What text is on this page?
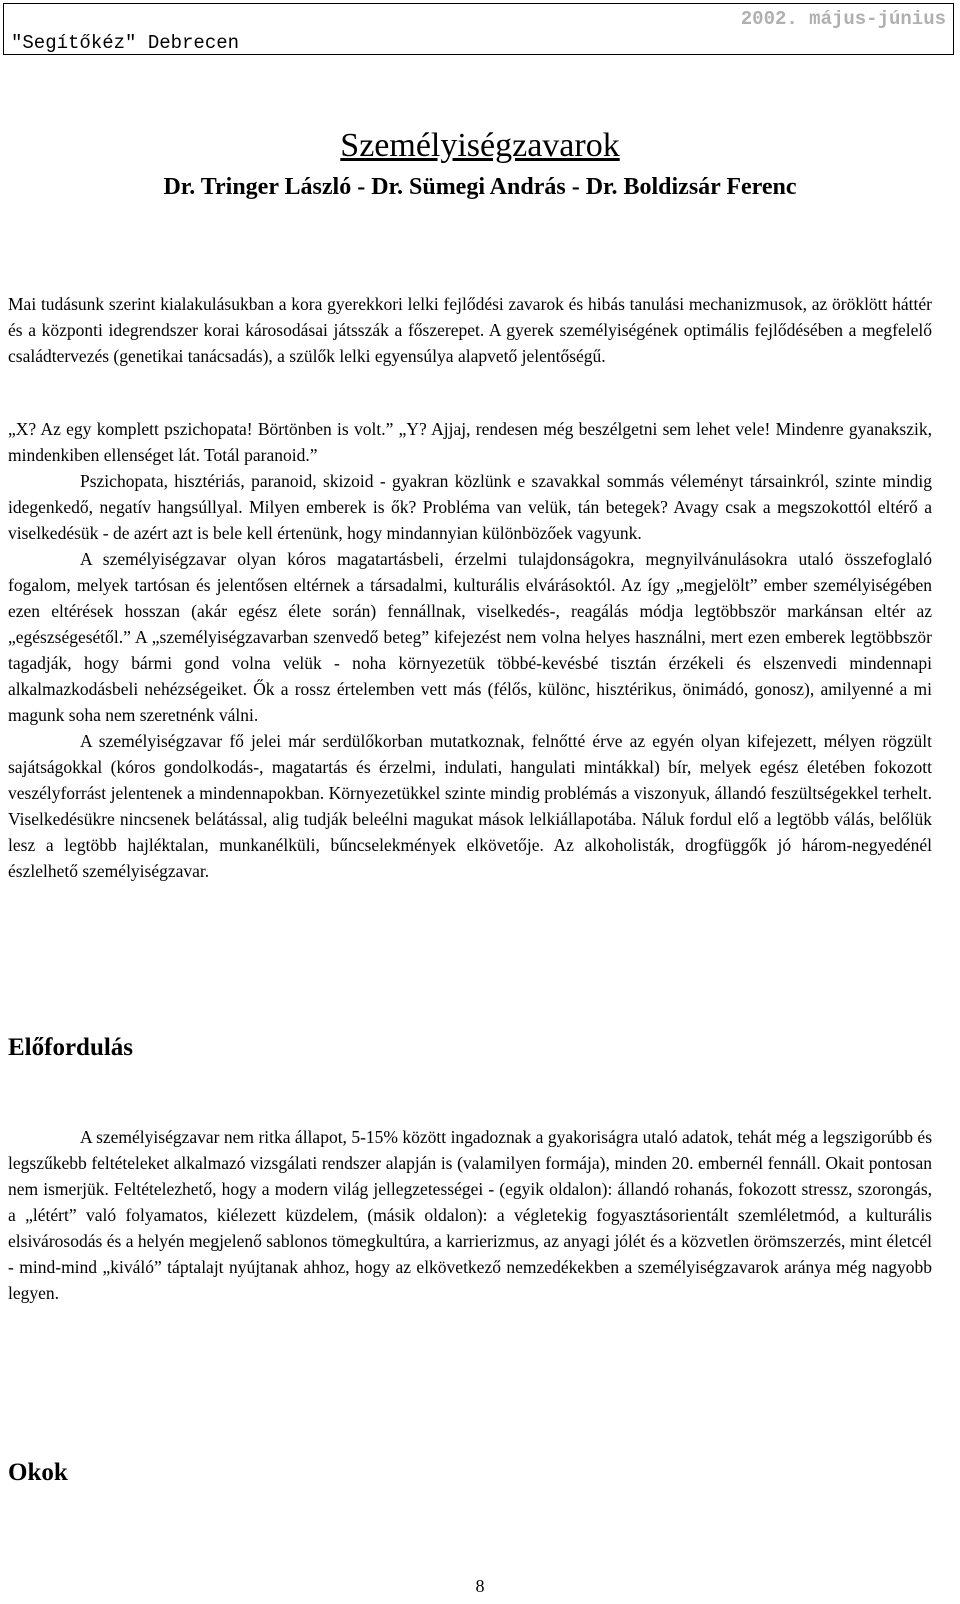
"Segítőkéz" Debrecen
2002. május-június
Személyiségzavarok
Dr. Tringer László - Dr. Sümegi András - Dr. Boldizsár Ferenc

Mai tudásunk szerint kialakulásukban a kora gyerekkori lelki fejlődési zavarok és hibás tanulási mechanizmusok, az öröklött háttér és a központi idegrendszer korai károsodásai játsszák a főszerepet. A gyerek személyiségének optimális fejlődésében a megfelelő családtervezés (genetikai tanácsadás), a szülők lelki egyensúlya alapvető jelentőségű.

„X? Az egy komplett pszichopata! Börtönben is volt.” „Y? Ajjaj, rendesen még beszélgetni sem lehet vele! Mindenre gyanakszik, mindenkiben ellenséget lát. Totál paranoid.”

Pszichopata, hisztériás, paranoid, skizoid - gyakran közlünk e szavakkal sommás véleményt társainkról, szinte mindig idegenkedő, negatív hangsúllyal. Milyen emberek is ők? Probléma van velük, tán betegek? Avagy csak a megszokottól eltérő a viselkedésük - de azért azt is bele kell értenünk, hogy mindannyian különbözőek vagyunk.

A személyiségzavar olyan kóros magatartásbeli, érzelmi tulajdonságokra, megnyilvánulásokra utaló összefoglaló fogalom, melyek tartósan és jelentősen eltérnek a társadalmi, kulturális elvárásoktól. Az így „megjelölt” ember személyiségében ezen eltérések hosszan (akár egész élete során) fennállnak, viselkedés-, reagálás módja legtöbbször markánsan eltér az „egészségesétől.” A „személyiségzavarban szenvedő beteg” kifejezést nem volna helyes használni, mert ezen emberek legtöbbször tagadják, hogy bármi gond volna velük - noha környezetük többé-kevésbé tisztán érzékeli és elszenvedi mindennapi alkalmazkodásbeli nehézségeiket. Ők a rossz értelemben vett más (félős, különc, hisztérikus, önimádó, gonosz), amilyenné a mi magunk soha nem szeretnénk válni.

A személyiségzavar fő jelei már serdülőkorban mutatkoznak, felnőtté érve az egyén olyan kifejezett, mélyen rögzült sajátságokkal (kóros gondolkodás-, magatartás és érzelmi, indulati, hangulati mintákkal) bír, melyek egész életében fokozott veszélyforrást jelentenek a mindennapokban. Környezetükkel szinte mindig problémás a viszonyuk, állandó feszültségekkel terhelt. Viselkedésükre nincsenek belátással, alig tudják beleélni magukat mások lelkiállapotába. Náluk fordul elő a legtöbb válás, belőlük lesz a legtöbb hajléktalan, munkanélküli, bűncselekmények elkövetője. Az alkoholisták, drogfüggők jó három-negyedénél észlelhető személyiségzavar.

Előfordulás

A személyiségzavar nem ritka állapot, 5-15% között ingadoznak a gyakoriságra utaló adatok, tehát még a legszigorúbb és legszűkebb feltételeket alkalmazó vizsgálati rendszer alapján is (valamilyen formája), minden 20. embernél fennáll. Okait pontosan nem ismerjük. Feltételezhető, hogy a modern világ jellegzetességei - (egyik oldalon): állandó rohanás, fokozott stressz, szorongás, a „létért” való folyamatos, kiélezett küzdelem, (másik oldalon): a végletekig fogyasztásorientált szemléletmód, a kulturális elsivárosodás és a helyén megjelenő sablonos tömegkultúra, a karrierizmus, az anyagi jólét és a közvetlen örömszerzés, mint életcél - mind-mind „kiváló” táptalajt nyújtanak ahhoz, hogy az elkövetkező nemzedékekben a személyiségzavarok aránya még nagyobb legyen.

Okok
8
